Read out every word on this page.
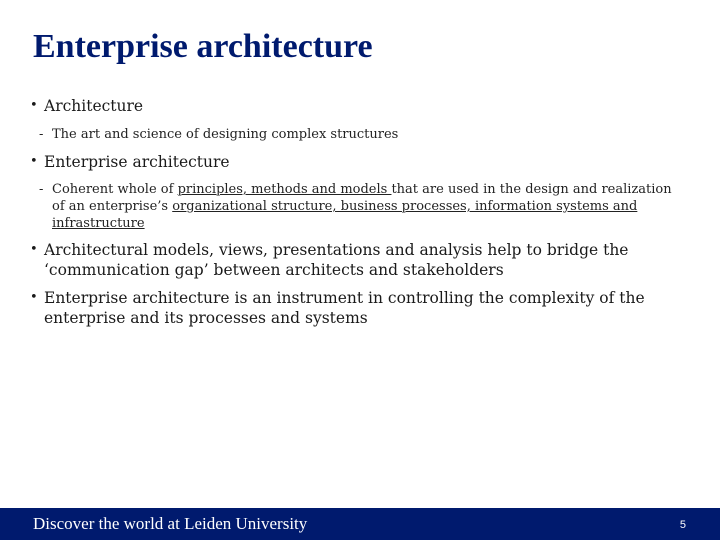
Enterprise architecture

• Architecture

- The art and science of designing complex structures

• Enterprise architecture

- Coherent whole of principles, methods and models that are used in the design and realization of an enterprise’s organizational structure, business processes, information systems and infrastructure

• Architectural models, views, presentations and analysis help to bridge the ‘communication gap’ between architects and stakeholders

• Enterprise architecture is an instrument in controlling the complexity of the enterprise and its processes and systems

Discover the world at Leiden University	5
